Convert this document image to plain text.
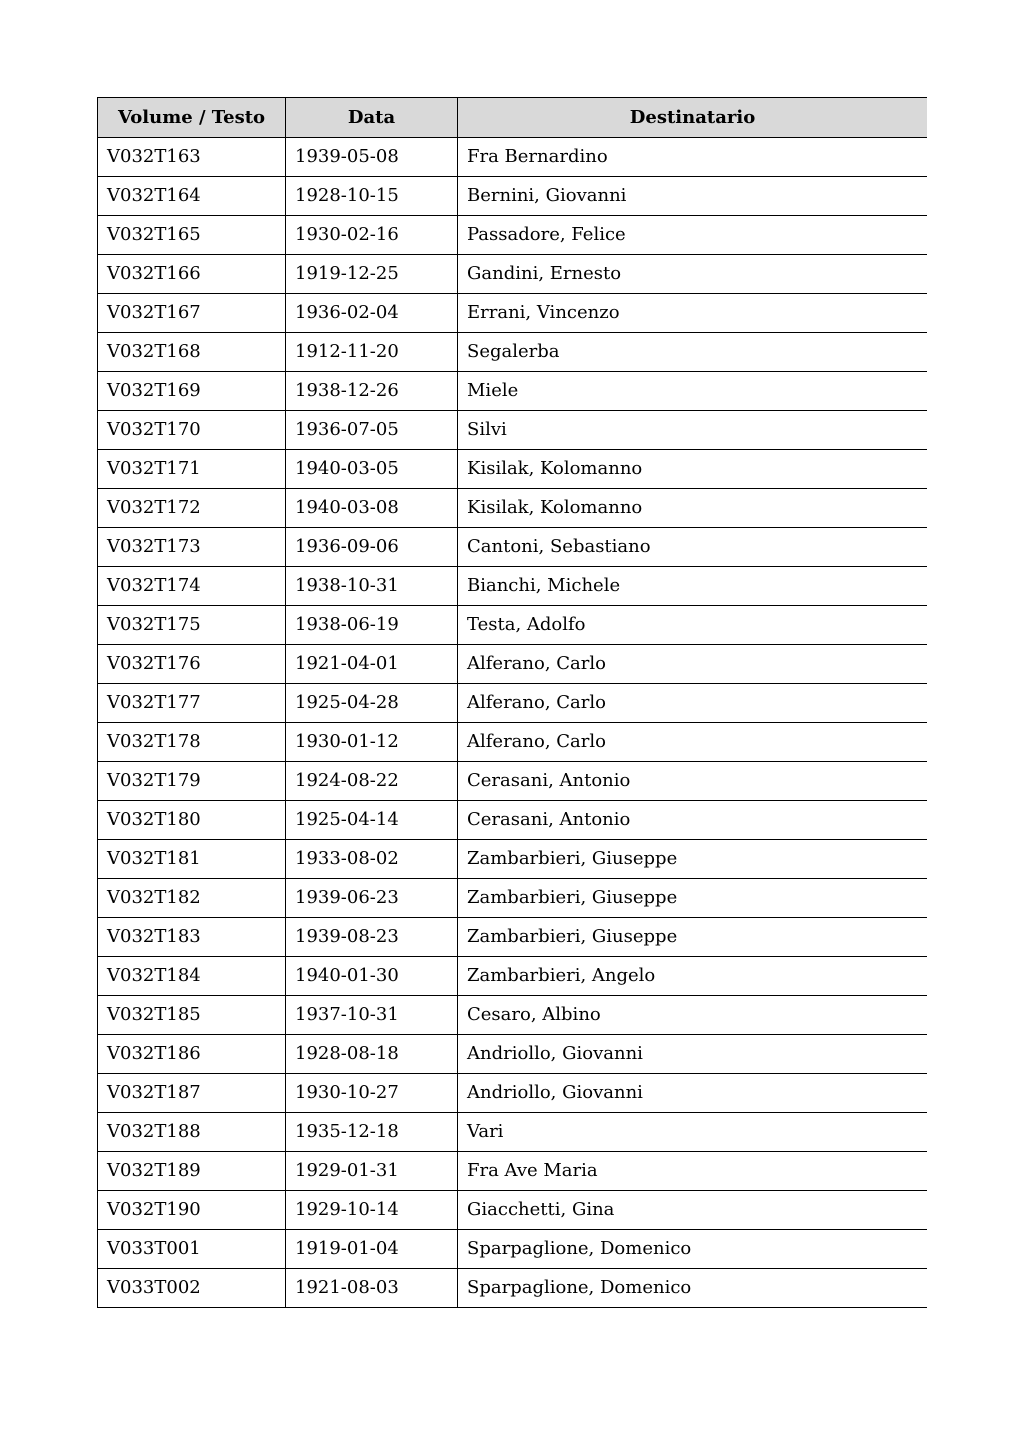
Volume / Testo	Data	Destinatario
V032T163	1939-05-08	Fra Bernardino
V032T164	1928-10-15	Bernini, Giovanni
V032T165	1930-02-16	Passadore, Felice
V032T166	1919-12-25	Gandini, Ernesto
V032T167	1936-02-04	Errani, Vincenzo
V032T168	1912-11-20	Segalerba
V032T169	1938-12-26	Miele
V032T170	1936-07-05	Silvi
V032T171	1940-03-05	Kisilak, Kolomanno
V032T172	1940-03-08	Kisilak, Kolomanno
V032T173	1936-09-06	Cantoni, Sebastiano
V032T174	1938-10-31	Bianchi, Michele
V032T175	1938-06-19	Testa, Adolfo
V032T176	1921-04-01	Alferano, Carlo
V032T177	1925-04-28	Alferano, Carlo
V032T178	1930-01-12	Alferano, Carlo
V032T179	1924-08-22	Cerasani, Antonio
V032T180	1925-04-14	Cerasani, Antonio
V032T181	1933-08-02	Zambarbieri, Giuseppe
V032T182	1939-06-23	Zambarbieri, Giuseppe
V032T183	1939-08-23	Zambarbieri, Giuseppe
V032T184	1940-01-30	Zambarbieri, Angelo
V032T185	1937-10-31	Cesaro, Albino
V032T186	1928-08-18	Andriollo, Giovanni
V032T187	1930-10-27	Andriollo, Giovanni
V032T188	1935-12-18	Vari
V032T189	1929-01-31	Fra Ave Maria
V032T190	1929-10-14	Giacchetti, Gina
V033T001	1919-01-04	Sparpaglione, Domenico
V033T002	1921-08-03	Sparpaglione, Domenico
